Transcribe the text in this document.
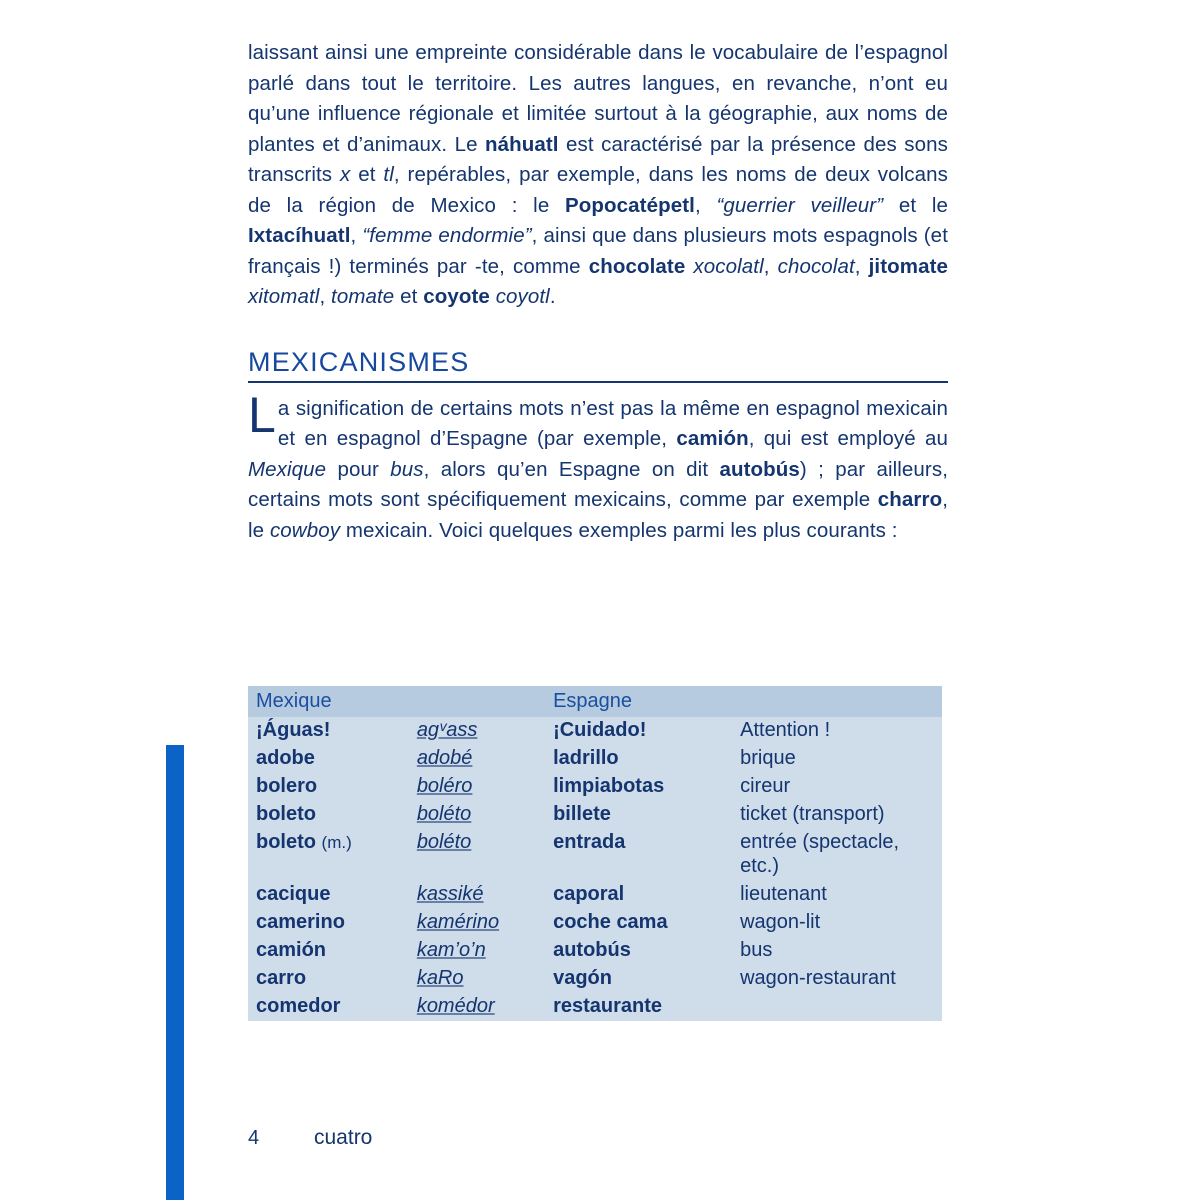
laissant ainsi une empreinte considérable dans le vocabulaire de l’espagnol parlé dans tout le territoire. Les autres langues, en revanche, n’ont eu qu’une influence régionale et limitée surtout à la géographie, aux noms de plantes et d’animaux. Le náhuatl est caractérisé par la présence des sons transcrits x et tl, repérables, par exemple, dans les noms de deux volcans de la région de Mexico : le Popocatépetl, “guerrier veilleur” et le Ixtacíhuatl, “femme endormie”, ainsi que dans plusieurs mots espagnols (et français !) terminés par -te, comme chocolate xocolatl, chocolat, jitomate xitomatl, tomate et coyote coyotl.
MEXICANISMES
La signification de certains mots n’est pas la même en espagnol mexicain et en espagnol d’Espagne (par exemple, camión, qui est employé au Mexique pour bus, alors qu’en Espagne on dit autobús) ; par ailleurs, certains mots sont spécifiquement mexicains, comme par exemple charro, le cowboy mexicain. Voici quelques exemples parmi les plus courants :
Mexique		Espagne	
¡Águas!	agᵛass	¡Cuidado!	Attention !
adobe	adobé	ladrillo	brique
bolero	boléro	limpiabotas	cireur
boleto	boléto	billete	ticket (transport)
boleto (m.)	boléto	entrada	entrée (spectacle, etc.)
cacique	kassiké	caporal	lieutenant
camerino	kamérino	coche cama	wagon-lit
camión	kam’o’n	autobús	bus
carro	kaRo	vagón	wagon-restaurant
comedor	komédor	restaurante	
4	cuatro
